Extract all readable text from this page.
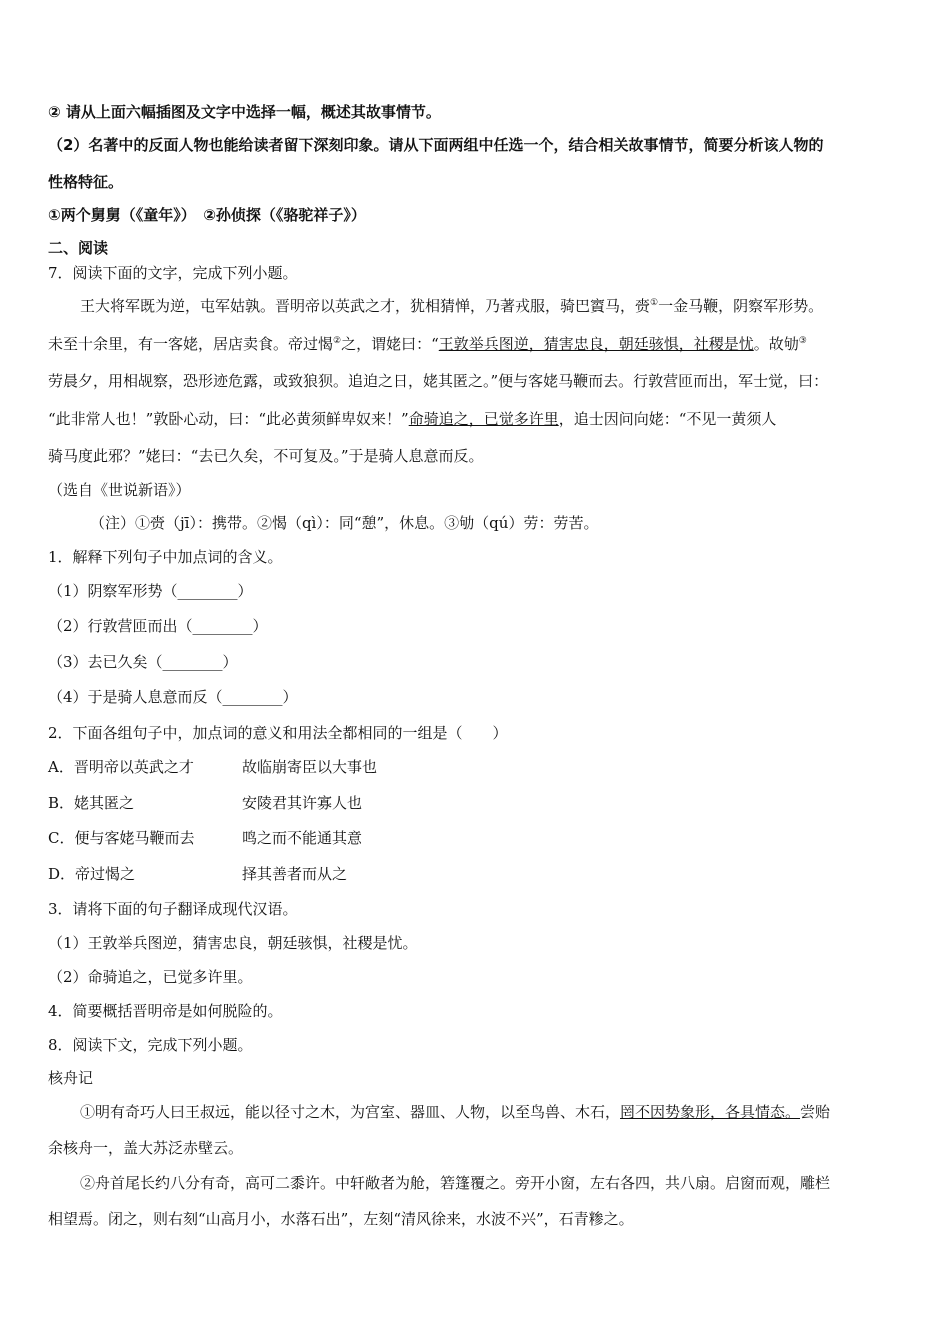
② 请从上面六幅插图及文字中选择一幅，概述其故事情节。
（2）名著中的反面人物也能给读者留下深刻印象。请从下面两组中任选一个，结合相关故事情节，简要分析该人物的
性格特征。
①两个舅舅（《童年》）　②孙侦探（《骆驼祥子》）
二、阅读
7．阅读下面的文字，完成下列小题。
王大将军既为逆，屯军姑孰。晋明帝以英武之才，犹相猜惮，乃著戎服，骑巴賨马，赍①一金马鞭，阴察军形势。
未至十余里，有一客姥，居店卖食。帝过愒②之，谓姥曰：“王敦举兵图逆，猜害忠良，朝廷骇惧，社稷是忧。故劬③
劳晨夕，用相觇察，恐形迹危露，或致狼狈。追迫之日，姥其匿之。”便与客姥马鞭而去。行敦营匝而出，军士觉，曰：
“此非常人也！”敦卧心动，曰：“此必黄须鲜卑奴来！”命骑追之，已觉多许里，追士因问向姥：“不见一黄须人
骑马度此邪？”姥曰：“去已久矣，不可复及。”于是骑人息意而反。
（选自《世说新语》）
（注）①赍（jī）：携带。②愒（qì）：同“憩”，休息。③劬（qú）劳：劳苦。
1．解释下列句子中加点词的含义。
（1）阴察军形势（________）
（2）行敦营匝而出（________）
（3）去已久矣（________）
（4）于是骑人息意而反（________）
2．下面各组句子中，加点词的意义和用法全都相同的一组是（　　）
A．晋明帝以英武之才	故临崩寄臣以大事也
B．姥其匿之	安陵君其许寡人也
C．便与客姥马鞭而去	鸣之而不能通其意
D．帝过愒之	择其善者而从之
3．请将下面的句子翻译成现代汉语。
（1）王敦举兵图逆，猜害忠良，朝廷骇惧，社稷是忧。
（2）命骑追之，已觉多许里。
4．简要概括晋明帝是如何脱险的。
8．阅读下文，完成下列小题。
核舟记
①明有奇巧人曰王叔远，能以径寸之木，为宫室、器皿、人物，以至鸟兽、木石，罔不因势象形，各具情态。尝贻
余核舟一，盖大苏泛赤壁云。
②舟首尾长约八分有奇，高可二黍许。中轩敞者为舱，箬篷覆之。旁开小窗，左右各四，共八扇。启窗而观，雕栏
相望焉。闭之，则右刻“山高月小，水落石出”，左刻“清风徐来，水波不兴”，石青糁之。
